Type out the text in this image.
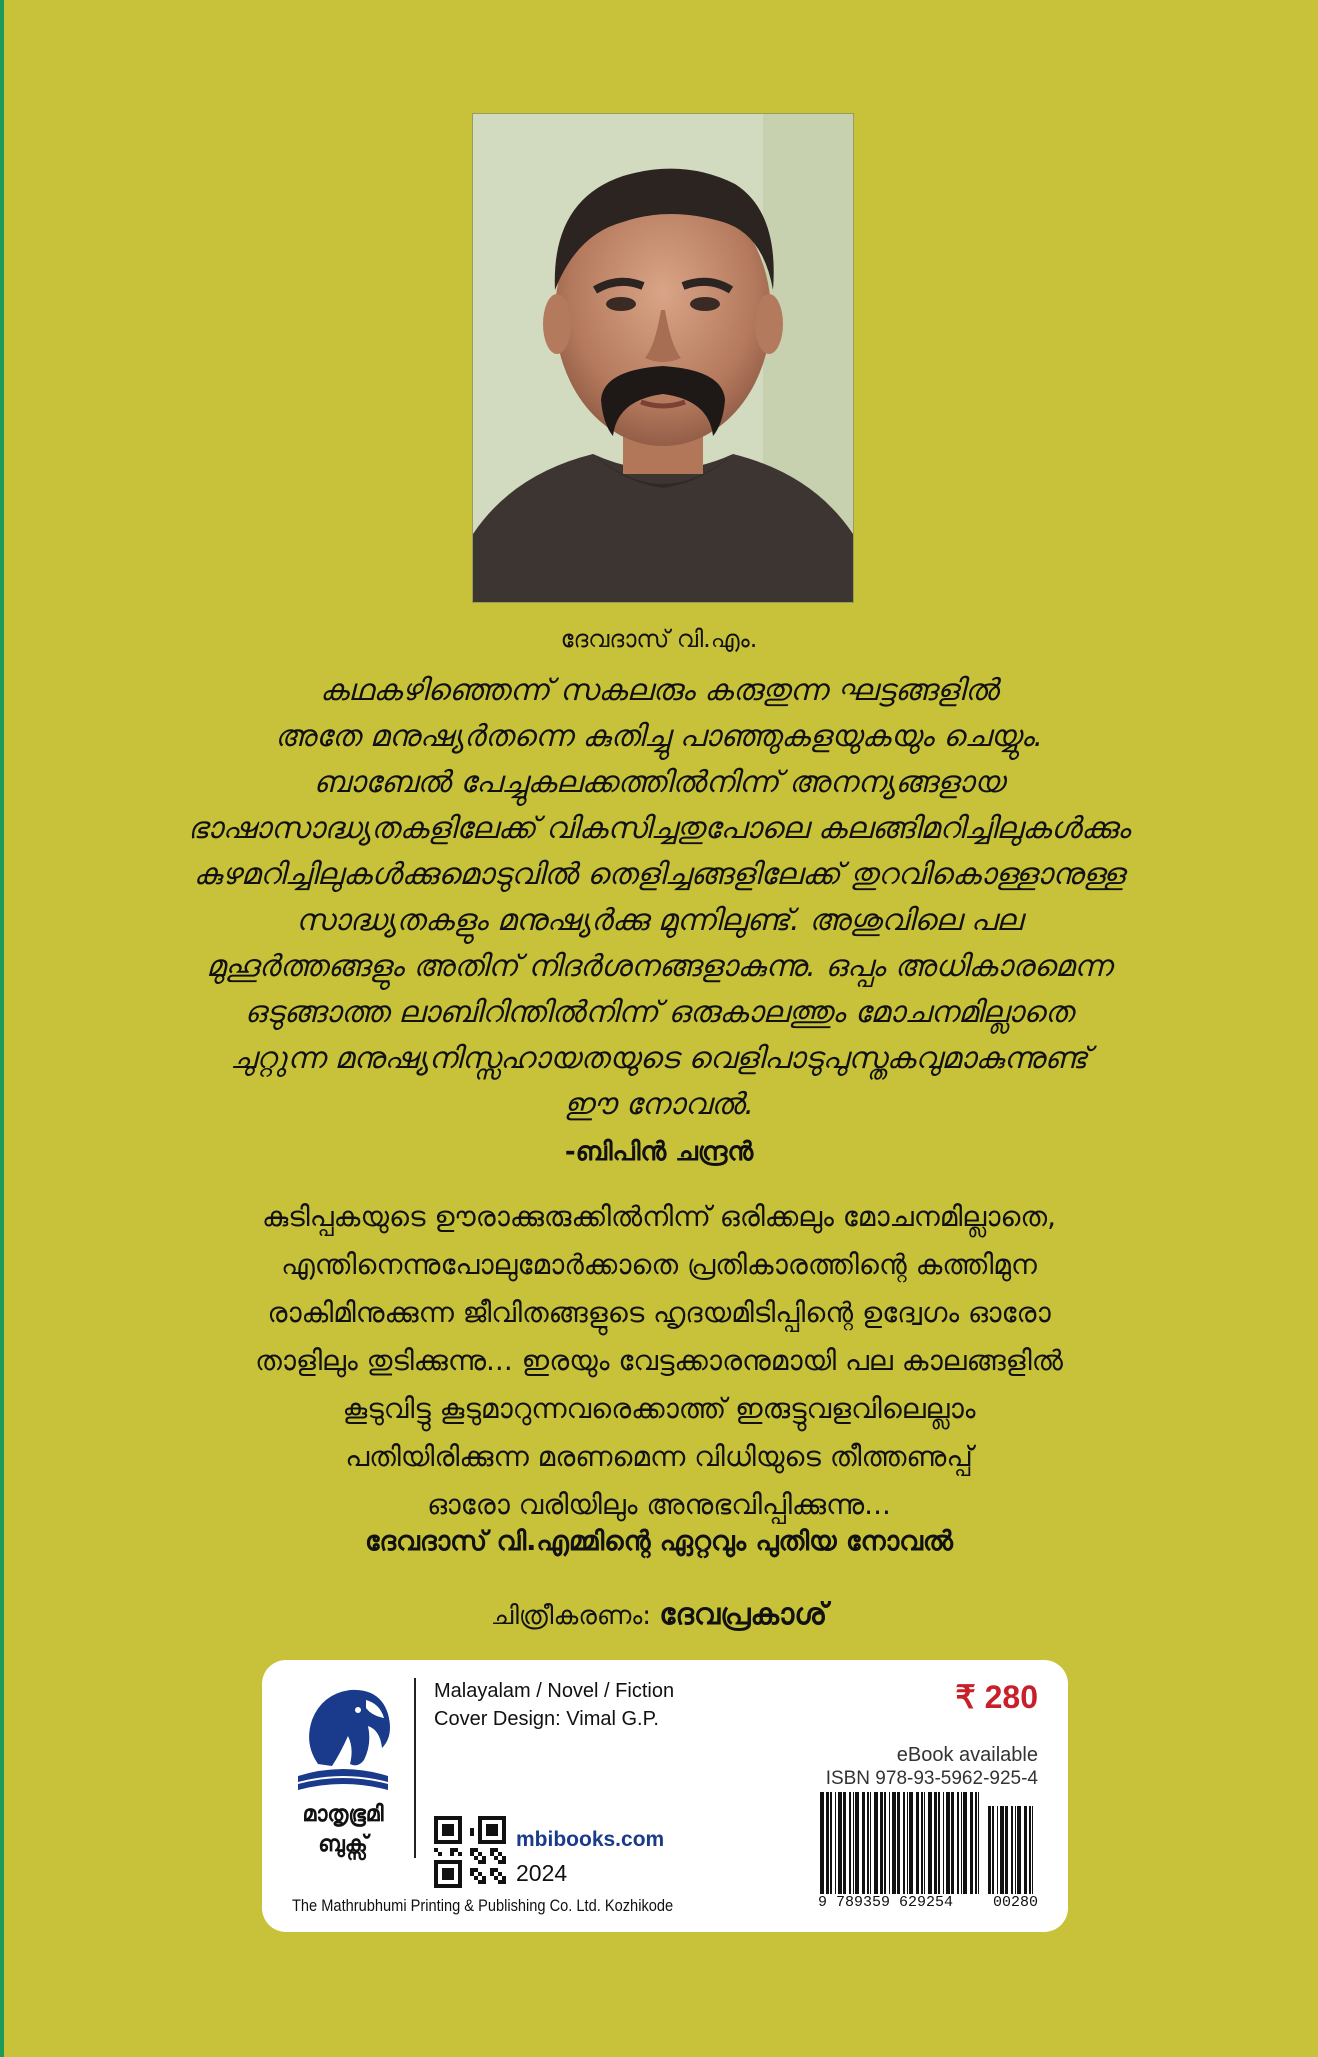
ദേവദാസ് വി.എം.
കഥകഴിഞ്ഞെന്ന് സകലരും കരുതുന്ന ഘട്ടങ്ങളിൽ
അതേ മനുഷ്യർതന്നെ കുതിച്ചു പാഞ്ഞുകളയുകയും ചെയ്യും.
ബാബേൽ പേച്ചുകലക്കത്തിൽനിന്ന് അനന്യങ്ങളായ
ഭാഷാസാദ്ധ്യതകളിലേക്ക് വികസിച്ചതുപോലെ കലങ്ങിമറിച്ചിലുകൾക്കും
കുഴമറിച്ചിലുകൾക്കുമൊടുവിൽ തെളിച്ചങ്ങളിലേക്ക് തുറവികൊള്ളാനുള്ള
സാദ്ധ്യതകളും മനുഷ്യർക്കു മുന്നിലുണ്ട്. അശുവിലെ പല
മുഹൂർത്തങ്ങളും അതിന് നിദർശനങ്ങളാകുന്നു. ഒപ്പം അധികാരമെന്ന
ഒടുങ്ങാത്ത ലാബിറിന്തിൽനിന്ന് ഒരുകാലത്തും മോചനമില്ലാതെ
ചുറ്റുന്ന മനുഷ്യനിസ്സഹായതയുടെ വെളിപാടുപുസ്തകവുമാകുന്നുണ്ട്
ഈ നോവൽ.
-ബിപിൻ ചന്ദ്രൻ
കുടിപ്പകയുടെ ഊരാക്കുരുക്കിൽനിന്ന് ഒരിക്കലും മോചനമില്ലാതെ,
എന്തിനെന്നുപോലുമോർക്കാതെ പ്രതികാരത്തിന്റെ കത്തിമുന
രാകിമിനുക്കുന്ന ജീവിതങ്ങളുടെ ഹൃദയമിടിപ്പിന്റെ ഉദ്വേഗം ഓരോ
താളിലും തുടിക്കുന്നു... ഇരയും വേട്ടക്കാരനുമായി പല കാലങ്ങളിൽ
കൂടുവിട്ടു കൂടുമാറുന്നവരെക്കാത്ത് ഇരുട്ടുവളവിലെല്ലാം
പതിയിരിക്കുന്ന മരണമെന്ന വിധിയുടെ തീത്തണുപ്പ്
ഓരോ വരിയിലും അനുഭവിപ്പിക്കുന്നു...
ദേവദാസ് വി.എമ്മിന്റെ ഏറ്റവും പുതിയ നോവൽ
ചിത്രീകരണം: ദേവപ്രകാശ്
മാതൃഭൂമി
ബുക്സ്
Malayalam / Novel / Fiction
Cover Design: Vimal G.P.
₹ 280
eBook available
ISBN 978-93-5962-925-4
mbibooks.com
2024
The Mathrubhumi Printing & Publishing Co. Ltd. Kozhikode	9 789359 629254	00280
